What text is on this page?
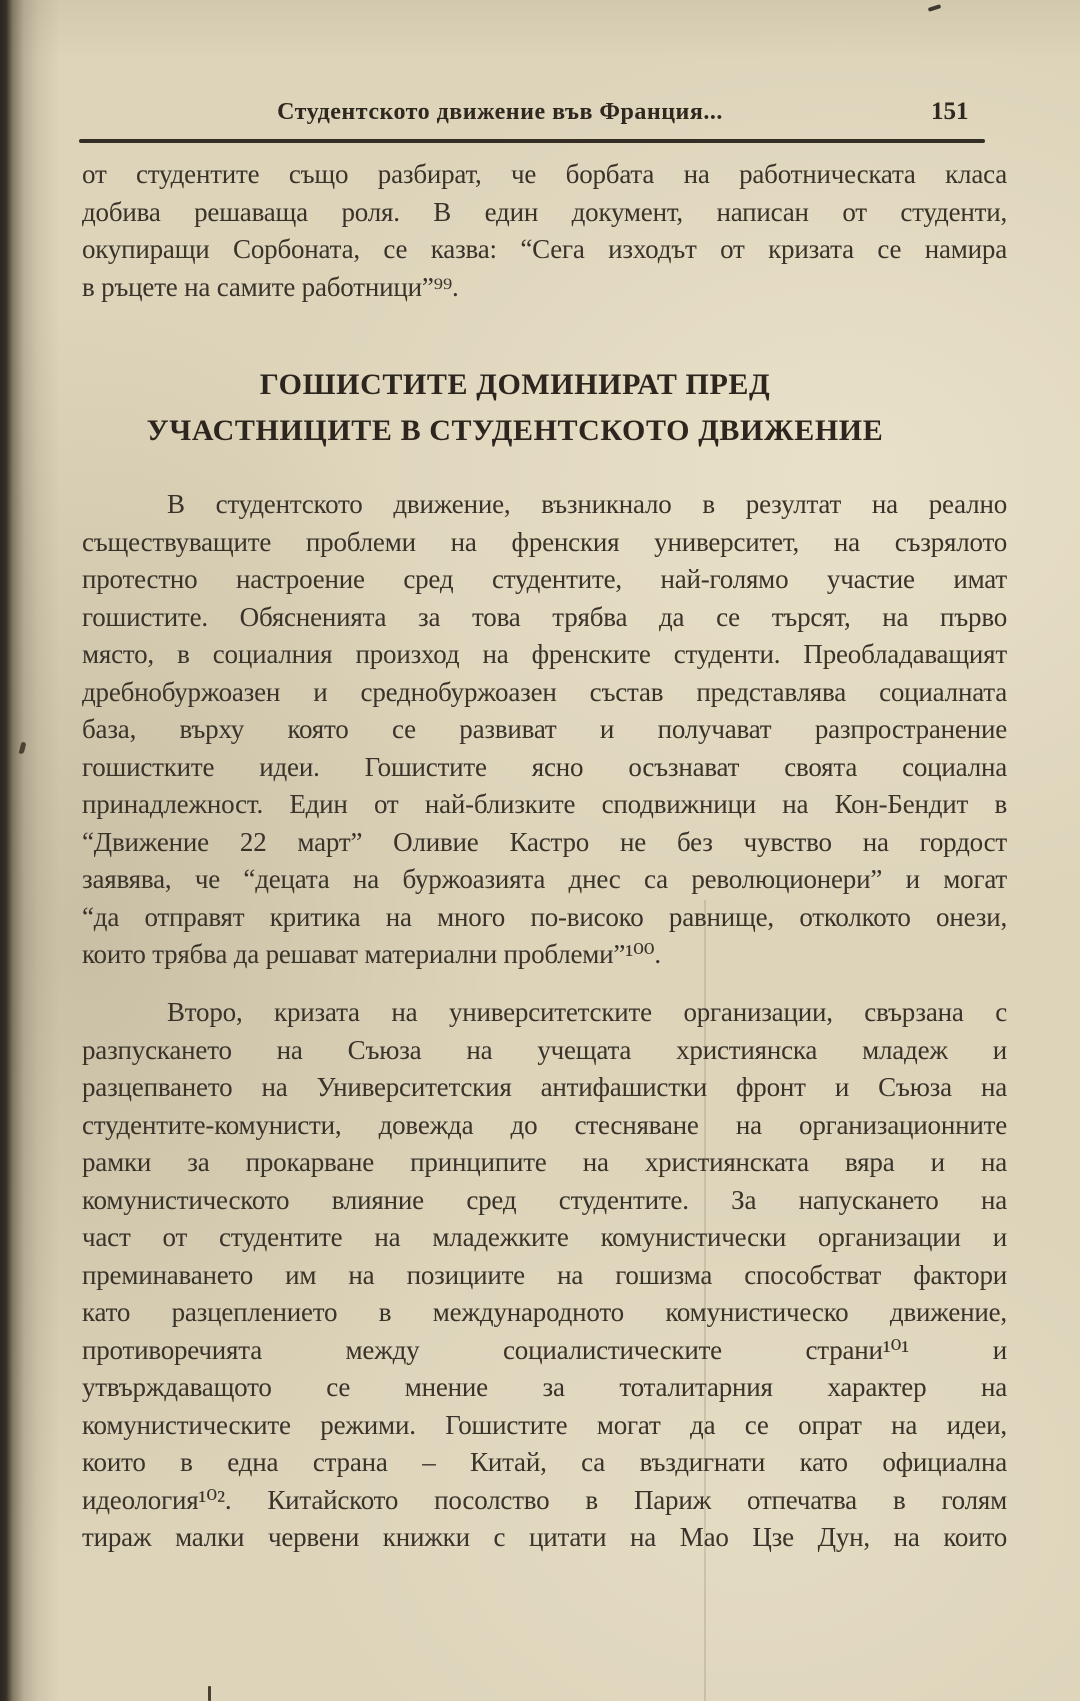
Студентското движение във Франция...	151
от студентите също разбират, че борбата на работническата класа
добива решаваща роля. В един документ, написан от студенти,
окупиращи Сорбоната, се казва: “Сега изходът от кризата се намира
в ръцете на самите работници”⁹⁹.
ГОШИСТИТЕ ДОМИНИРАТ ПРЕД
УЧАСТНИЦИТЕ В СТУДЕНТСКОТО ДВИЖЕНИЕ
В студентското движение, възникнало в резултат на реално
съществуващите проблеми на френския университет, на съзрялото
протестно настроение сред студентите, най-голямо участие имат
гошистите. Обясненията за това трябва да се търсят, на първо
място, в социалния произход на френските студенти. Преобладаващият
дребнобуржоазен и среднобуржоазен състав представлява социалната
база, върху която се развиват и получават разпространение
гошистките идеи. Гошистите ясно осъзнават своята социална
принадлежност. Един от най-близките сподвижници на Кон-Бендит в
“Движение 22 март” Оливие Кастро не без чувство на гордост
заявява, че “децата на буржоазията днес са революционери” и могат
“да отправят критика на много по-високо равнище, отколкото онези,
които трябва да решават материални проблеми”¹⁰⁰.
Второ, кризата на университетските организации, свързана с
разпускането на Съюза на учещата християнска младеж и
разцепването на Университетския антифашистки фронт и Съюза на
студентите-комунисти, довежда до стесняване на организационните
рамки за прокарване принципите на християнската вяра и на
комунистическото влияние сред студентите. За напускането на
част от студентите на младежките комунистически организации и
преминаването им на позициите на гошизма способстват фактори
като разцеплението в международното комунистическо движение,
противоречията между социалистическите страни¹⁰¹ и
утвърждаващото се мнение за тоталитарния характер на
комунистическите режими. Гошистите могат да се опрат на идеи,
които в една страна – Китай, са въздигнати като официална
идеология¹⁰². Китайското посолство в Париж отпечатва в голям
тираж малки червени книжки с цитати на Мао Цзе Дун, на които
